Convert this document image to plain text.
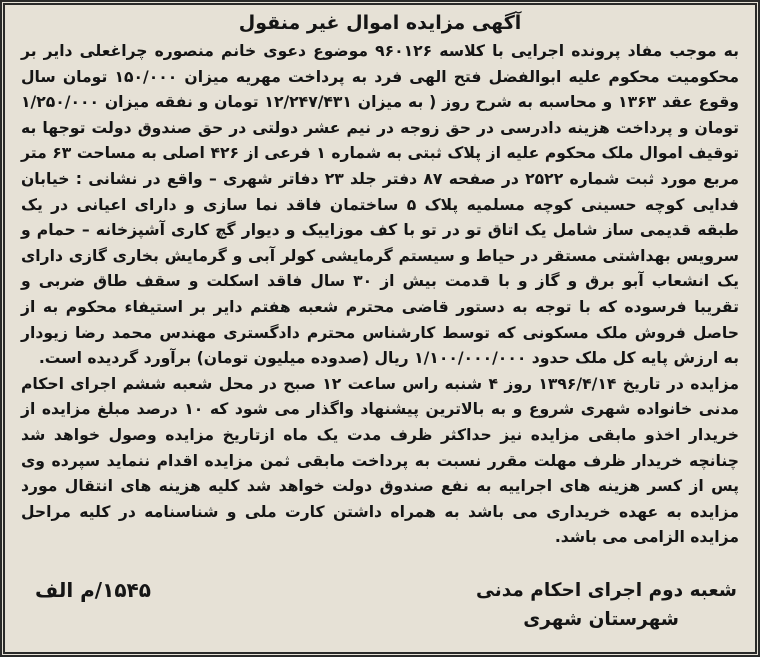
آگهی مزایده اموال غیر منقول

به موجب مفاد پرونده اجرایی با کلاسه ۹۶۰۱۲۶ موضوع دعوی خانم منصوره چراغعلی دایر بر محکومیت محکوم علیه ابوالفضل فتح الهی فرد به پرداخت مهریه میزان ۱۵۰/۰۰۰ تومان سال وقوع عقد ۱۳۶۳ و محاسبه به شرح روز ( به میزان ۱۲/۲۴۷/۴۳۱ تومان و نفقه میزان ۱/۲۵۰/۰۰۰ تومان و پرداخت هزینه دادرسی در حق زوجه در نیم عشر دولتی در حق صندوق دولت توجها به توقیف اموال ملک محکوم علیه از پلاک ثبتی به شماره ۱ فرعی از ۴۲۶ اصلی به مساحت ۶۳ متر مربع مورد ثبت شماره ۲۵۲۲ در صفحه ۸۷ دفتر جلد ۲۳ دفاتر شهری – واقع در نشانی : خیابان فدایی کوچه حسینی کوچه مسلمیه پلاک ۵ ساختمان فاقد نما سازی و دارای اعیانی در یک طبقه قدیمی ساز شامل یک اتاق تو در تو با کف موزاییک و دیوار گچ کاری آشپزخانه – حمام و سرویس بهداشتی مستقر در حیاط و سیستم گرمایشی کولر آبی و گرمایش بخاری گازی دارای یک انشعاب آبو برق و گاز و با قدمت بیش از ۳۰ سال فاقد اسکلت و سقف طاق ضربی و تقریبا فرسوده که با توجه به دستور قاضی محترم شعبه هفتم دایر بر استیفاء محکوم به از حاصل فروش ملک مسکونی که توسط کارشناس محترم دادگستری مهندس محمد رضا زیودار به ارزش پایه کل ملک حدود ۱/۱۰۰/۰۰۰/۰۰۰ ریال (صدوده میلیون تومان) برآورد گردیده است.

مزایده در تاریخ ۱۳۹۶/۴/۱۴ روز ۴ شنبه راس ساعت ۱۲ صبح در محل شعبه ششم اجرای احکام مدنی خانواده شهری شروع و به بالاترین پیشنهاد واگذار می شود که ۱۰ درصد مبلغ مزایده از خریدار اخذو مابقی مزایده نیز حداکثر ظرف مدت یک ماه ازتاریخ مزایده وصول خواهد شد چنانچه خریدار ظرف مهلت مقرر نسبت به پرداخت مابقی ثمن مزایده اقدام ننماید سپرده وی پس از کسر هزینه های اجراییه به نفع صندوق دولت خواهد شد کلیه هزینه های انتقال مورد مزایده به عهده خریداری می باشد به همراه داشتن کارت ملی و شناسنامه در کلیه مراحل مزایده الزامی می باشد.

شعبه دوم اجرای احکام مدنی
شهرستان شهری
۱۵۴۵/م الف
